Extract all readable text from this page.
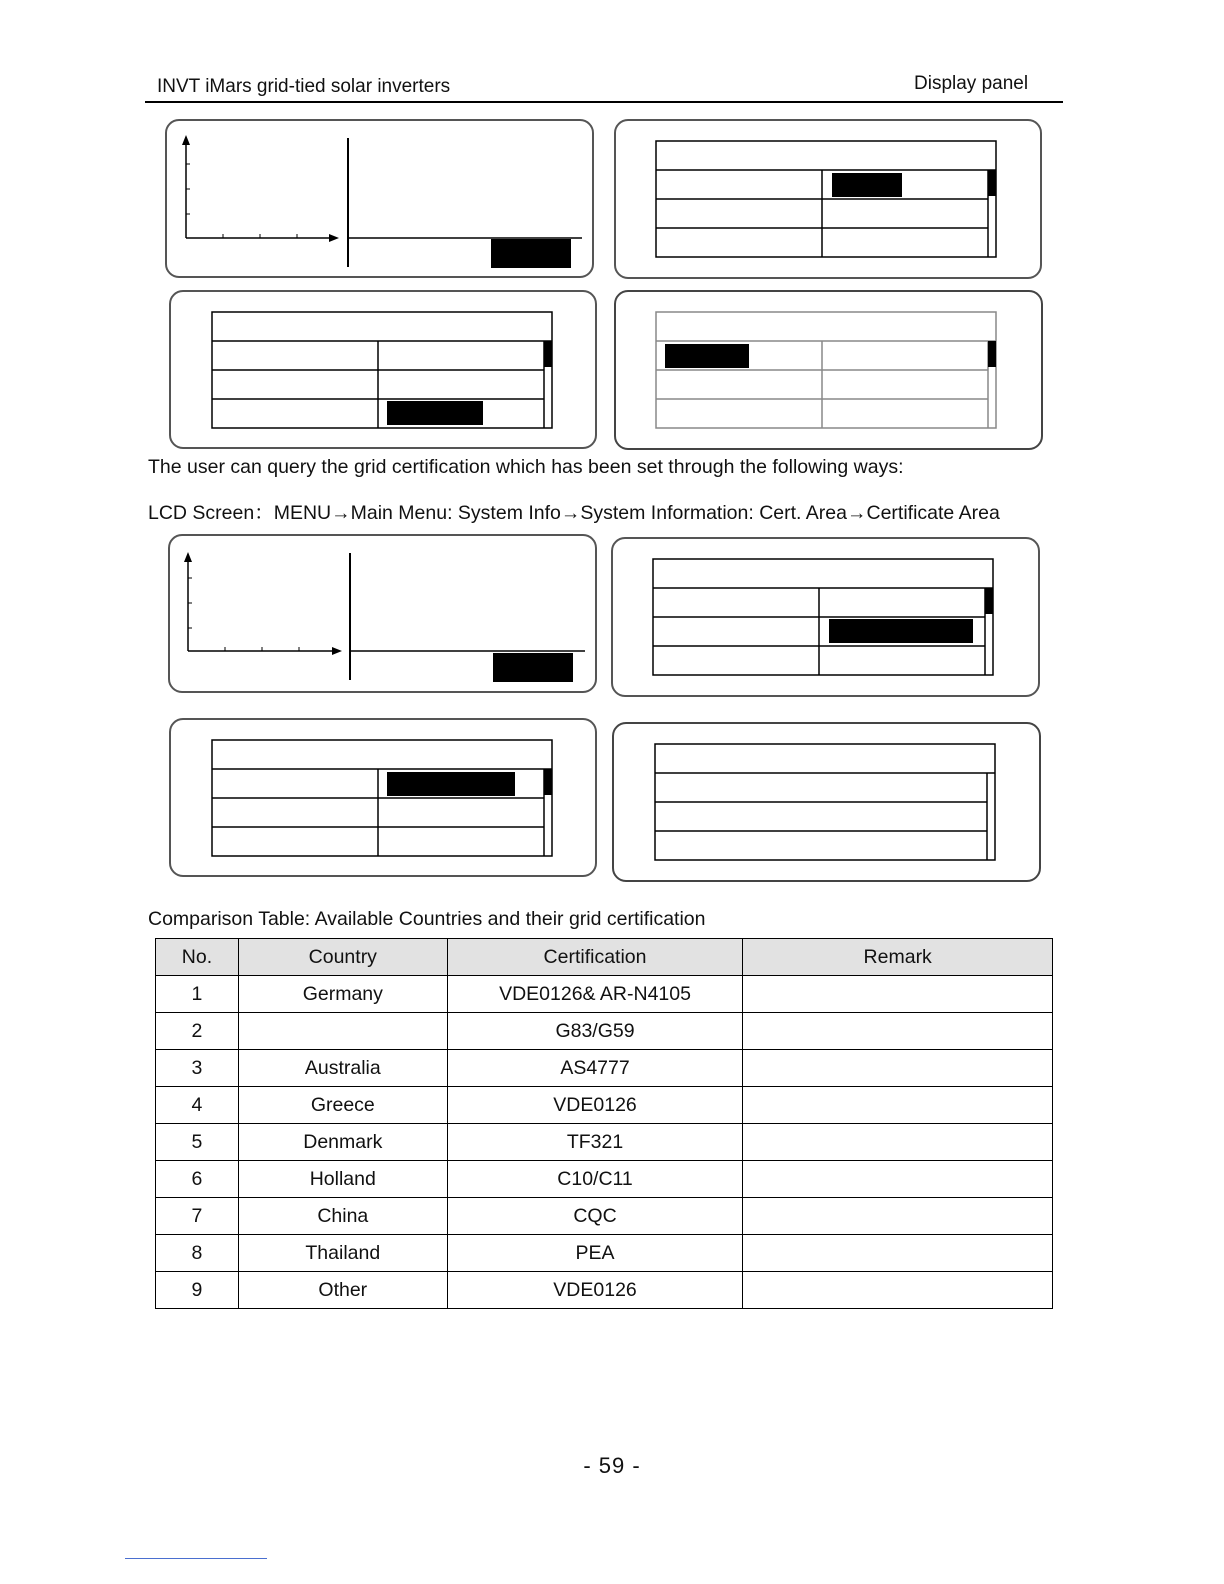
INVT iMars grid-tied solar inverters	Display panel
The user can query the grid certification which has been set through the following ways:
LCD Screen：MENU→Main Menu: System Info→System Information: Cert. Area→Certificate Area
Comparison Table: Available Countries and their grid certification
No.	Country	Certification	Remark
1	Germany	VDE0126& AR-N4105	
2		G83/G59	
3	Australia	AS4777	
4	Greece	VDE0126	
5	Denmark	TF321	
6	Holland	C10/C11	
7	China	CQC	
8	Thailand	PEA	
9	Other	VDE0126	
- 59 -
